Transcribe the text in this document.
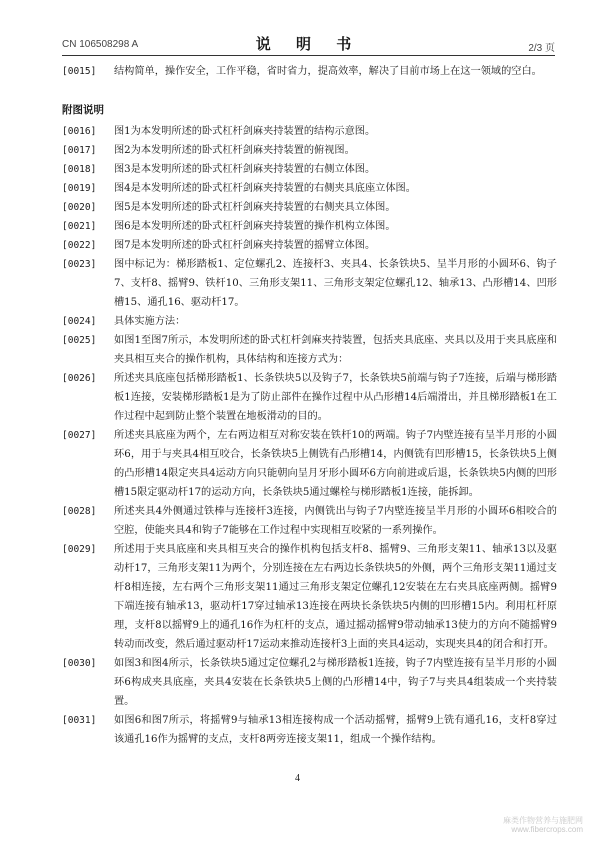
CN 106508298 A	说 明 书	2/3 页

[0015] 结构简单，操作安全，工作平稳，省时省力，提高效率，解决了目前市场上在这一领域的空白。

附图说明

[0016] 图1为本发明所述的卧式杠杆剑麻夹持装置的结构示意图。

[0017] 图2为本发明所述的卧式杠杆剑麻夹持装置的俯视图。

[0018] 图3是本发明所述的卧式杠杆剑麻夹持装置的右侧立体图。

[0019] 图4是本发明所述的卧式杠杆剑麻夹持装置的右侧夹具底座立体图。

[0020] 图5是本发明所述的卧式杠杆剑麻夹持装置的右侧夹具立体图。

[0021] 图6是本发明所述的卧式杠杆剑麻夹持装置的操作机构立体图。

[0022] 图7是本发明所述的卧式杠杆剑麻夹持装置的摇臂立体图。

[0023] 图中标记为：梯形踏板1、定位螺孔2、连接杆3、夹具4、长条铁块5、呈半月形的小圆环6、钩子7、支杆8、摇臂9、铁杆10、三角形支架11、三角形支架定位螺孔12、轴承13、凸形槽14、凹形槽15、通孔16、驱动杆17。

[0024] 具体实施方法：

[0025] 如图1至图7所示，本发明所述的卧式杠杆剑麻夹持装置，包括夹具底座、夹具以及用于夹具底座和夹具相互夹合的操作机构，具体结构和连接方式为：

[0026] 所述夹具底座包括梯形踏板1、长条铁块5以及钩子7，长条铁块5前端与钩子7连接，后端与梯形踏板1连接，安装梯形踏板1是为了防止部件在操作过程中从凸形槽14后端滑出，并且梯形踏板1在工作过程中起到防止整个装置在地板滑动的目的。

[0027] 所述夹具底座为两个，左右两边相互对称安装在铁杆10的两端。钩子7内壁连接有呈半月形的小圆环6，用于与夹具4相互咬合，长条铁块5上侧铣有凸形槽14，内侧铣有凹形槽15，长条铁块5上侧的凸形槽14限定夹具4运动方向只能朝向呈月牙形小圆环6方向前进或后退，长条铁块5内侧的凹形槽15限定驱动杆17的运动方向，长条铁块5通过螺栓与梯形踏板1连接，能拆卸。

[0028] 所述夹具4外侧通过铁棒与连接杆3连接，内侧铣出与钩子7内壁连接呈半月形的小圆环6相咬合的空腔，使能夹具4和钩子7能够在工作过程中实现相互咬紧的一系列操作。

[0029] 所述用于夹具底座和夹具相互夹合的操作机构包括支杆8、摇臂9、三角形支架11、轴承13以及驱动杆17，三角形支架11为两个，分别连接在左右两边长条铁块5的外侧，两个三角形支架11通过支杆8相连接，左右两个三角形支架11通过三角形支架定位螺孔12安装在左右夹具底座两侧。摇臂9下端连接有轴承13，驱动杆17穿过轴承13连接在两块长条铁块5内侧的凹形槽15内。利用杠杆原理，支杆8以摇臂9上的通孔16作为杠杆的支点，通过摇动摇臂9带动轴承13使力的方向不随摇臂9转动而改变，然后通过驱动杆17运动来推动连接杆3上面的夹具4运动，实现夹具4的闭合和打开。

[0030] 如图3和图4所示，长条铁块5通过定位螺孔2与梯形踏板1连接，钩子7内壁连接有呈半月形的小圆环6构成夹具底座，夹具4安装在长条铁块5上侧的凸形槽14中，钩子7与夹具4组装成一个夹持装置。

[0031] 如图6和图7所示，将摇臂9与轴承13相连接构成一个活动摇臂，摇臂9上铣有通孔16，支杆8穿过该通孔16作为摇臂的支点，支杆8两旁连接支架11，组成一个操作结构。

4
麻类作物营养与施肥网
www.fibercrops.com
